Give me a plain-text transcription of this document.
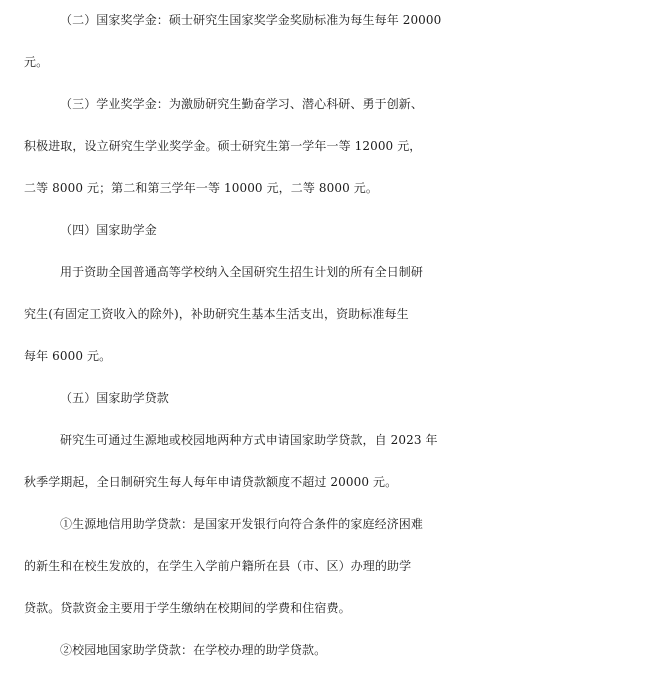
（二）国家奖学金：硕士研究生国家奖学金奖励标准为每生每年 20000
元。
（三）学业奖学金：为激励研究生勤奋学习、潜心科研、勇于创新、
积极进取，设立研究生学业奖学金。硕士研究生第一学年一等 12000 元，
二等 8000 元；第二和第三学年一等 10000 元，二等 8000 元。
（四）国家助学金
用于资助全国普通高等学校纳入全国研究生招生计划的所有全日制研
究生(有固定工资收入的除外)，补助研究生基本生活支出，资助标准每生
每年 6000 元。
（五）国家助学贷款
研究生可通过生源地或校园地两种方式申请国家助学贷款，自 2023 年
秋季学期起，全日制研究生每人每年申请贷款额度不超过 20000 元。
①生源地信用助学贷款：是国家开发银行向符合条件的家庭经济困难
的新生和在校生发放的，在学生入学前户籍所在县（市、区）办理的助学
贷款。贷款资金主要用于学生缴纳在校期间的学费和住宿费。
②校园地国家助学贷款：在学校办理的助学贷款。
